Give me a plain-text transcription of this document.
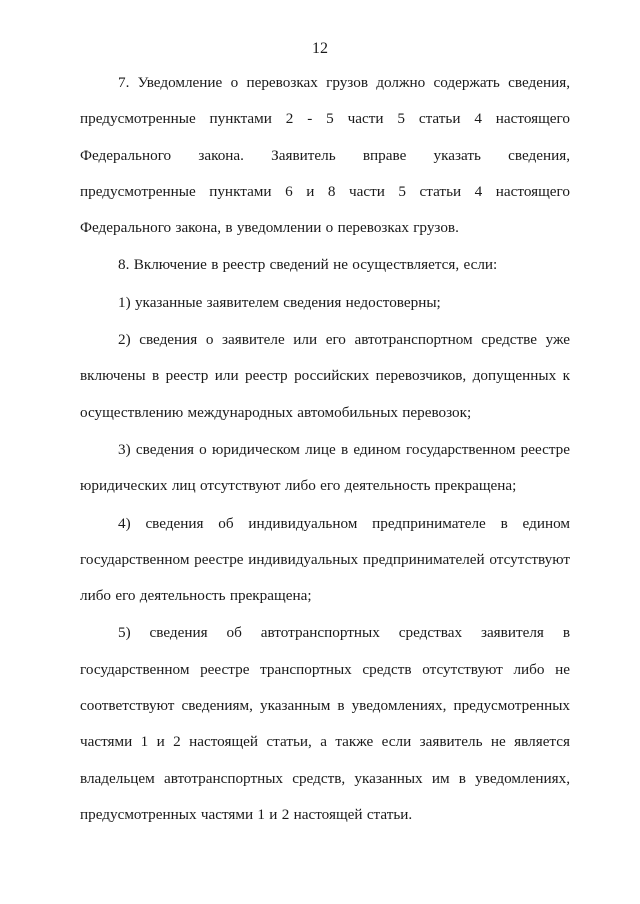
12
7. Уведомление о перевозках грузов должно содержать сведения,
предусмотренные пунктами 2 - 5 части 5 статьи 4 настоящего
Федерального закона. Заявитель вправе указать сведения,
предусмотренные пунктами 6 и 8 части 5 статьи 4 настоящего
Федерального закона, в уведомлении о перевозках грузов.
8. Включение в реестр сведений не осуществляется, если:
1) указанные заявителем сведения недостоверны;
2) сведения о заявителе или его автотранспортном средстве уже
включены в реестр или реестр российских перевозчиков, допущенных к
осуществлению международных автомобильных перевозок;
3) сведения о юридическом лице в едином государственном реестре
юридических лиц отсутствуют либо его деятельность прекращена;
4) сведения об индивидуальном предпринимателе в едином
государственном реестре индивидуальных предпринимателей отсутствуют
либо его деятельность прекращена;
5) сведения об автотранспортных средствах заявителя в
государственном реестре транспортных средств отсутствуют либо не
соответствуют сведениям, указанным в уведомлениях, предусмотренных
частями 1 и 2 настоящей статьи, а также если заявитель не является
владельцем автотранспортных средств, указанных им в уведомлениях,
предусмотренных частями 1 и 2 настоящей статьи.
